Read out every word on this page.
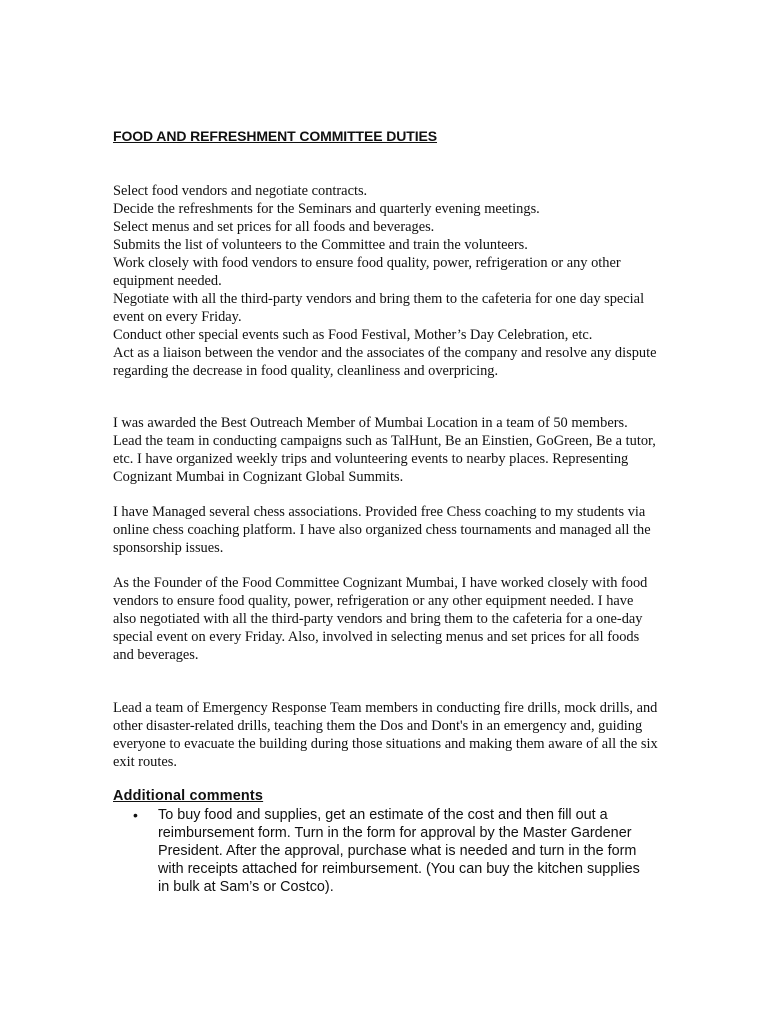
FOOD AND REFRESHMENT COMMITTEE DUTIES
Select food vendors and negotiate contracts.
Decide the refreshments for the Seminars and quarterly evening meetings.
Select menus and set prices for all foods and beverages.
Submits the list of volunteers to the Committee and train the volunteers.
Work closely with food vendors to ensure food quality, power, refrigeration or any other equipment needed.
Negotiate with all the third-party vendors and bring them to the cafeteria for one day special event on every Friday.
Conduct other special events such as Food Festival, Mother’s Day Celebration, etc.
Act as a liaison between the vendor and the associates of the company and resolve any dispute regarding the decrease in food quality, cleanliness and overpricing.

I was awarded the Best Outreach Member of Mumbai Location in a team of 50 members. Lead the team in conducting campaigns such as TalHunt, Be an Einstien, GoGreen, Be a tutor, etc. I have organized weekly trips and volunteering events to nearby places. Representing Cognizant Mumbai in Cognizant Global Summits.

I have Managed several chess associations. Provided free Chess coaching to my students via online chess coaching platform. I have also organized chess tournaments and managed all the sponsorship issues.

As the Founder of the Food Committee Cognizant Mumbai, I have worked closely with food vendors to ensure food quality, power, refrigeration or any other equipment needed. I have also negotiated with all the third-party vendors and bring them to the cafeteria for a one-day special event on every Friday. Also, involved in selecting menus and set prices for all foods and beverages.

Lead a team of Emergency Response Team members in conducting fire drills, mock drills, and other disaster-related drills, teaching them the Dos and Dont's in an emergency and, guiding everyone to evacuate the building during those situations and making them aware of all the six exit routes.

Additional comments

• To buy food and supplies, get an estimate of the cost and then fill out a reimbursement form. Turn in the form for approval by the Master Gardener President. After the approval, purchase what is needed and turn in the form with receipts attached for reimbursement. (You can buy the kitchen supplies in bulk at Sam’s or Costco).
